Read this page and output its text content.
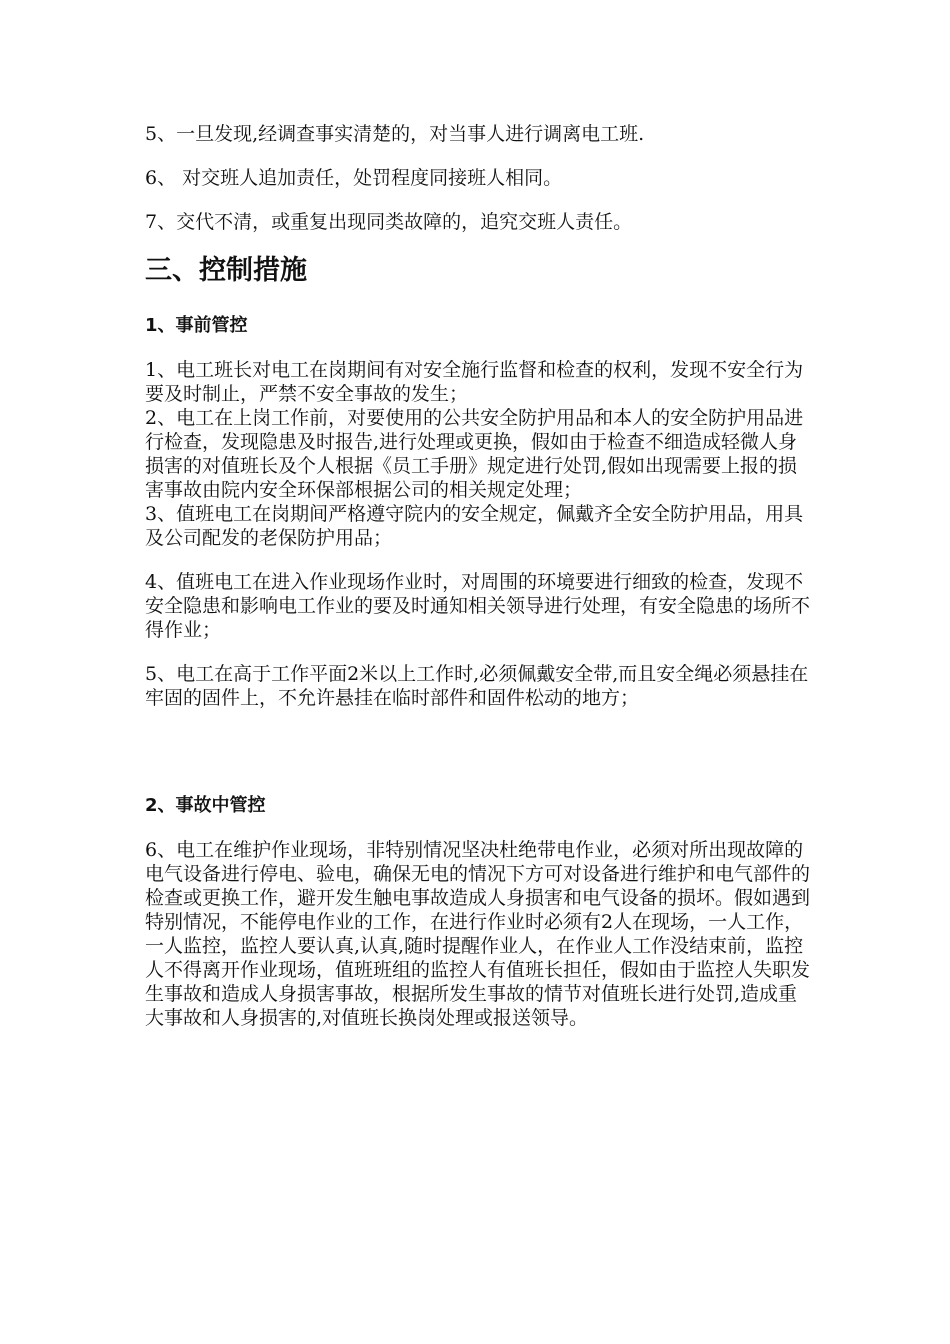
5、一旦发现,经调查事实清楚的，对当事人进行调离电工班.

6、 对交班人追加责任，处罚程度同接班人相同。

7、交代不清，或重复出现同类故障的，追究交班人责任。

三、控制措施
1、事前管控

1、电工班长对电工在岗期间有对安全施行监督和检查的权利，发现不安全行为要及时制止，严禁不安全事故的发生；

2、电工在上岗工作前，对要使用的公共安全防护用品和本人的安全防护用品进行检查，发现隐患及时报告,进行处理或更换，假如由于检查不细造成轻微人身损害的对值班长及个人根据《员工手册》规定进行处罚,假如出现需要上报的损害事故由院内安全环保部根据公司的相关规定处理；

3、值班电工在岗期间严格遵守院内的安全规定，佩戴齐全安全防护用品，用具及公司配发的老保防护用品；

4、值班电工在进入作业现场作业时，对周围的环境要进行细致的检查，发现不安全隐患和影响电工作业的要及时通知相关领导进行处理，有安全隐患的场所不得作业；

5、电工在高于工作平面2米以上工作时,必须佩戴安全带,而且安全绳必须悬挂在牢固的固件上，不允许悬挂在临时部件和固件松动的地方；

2、事故中管控

6、电工在维护作业现场，非特别情况坚决杜绝带电作业，必须对所出现故障的电气设备进行停电、验电，确保无电的情况下方可对设备进行维护和电气部件的检查或更换工作，避开发生触电事故造成人身损害和电气设备的损坏。假如遇到特别情况，不能停电作业的工作，在进行作业时必须有2人在现场，一人工作，一人监控，监控人要认真,认真,随时提醒作业人，在作业人工作没结束前，监控人不得离开作业现场，值班班组的监控人有值班长担任，假如由于监控人失职发生事故和造成人身损害事故，根据所发生事故的情节对值班长进行处罚,造成重大事故和人身损害的,对值班长换岗处理或报送领导。
